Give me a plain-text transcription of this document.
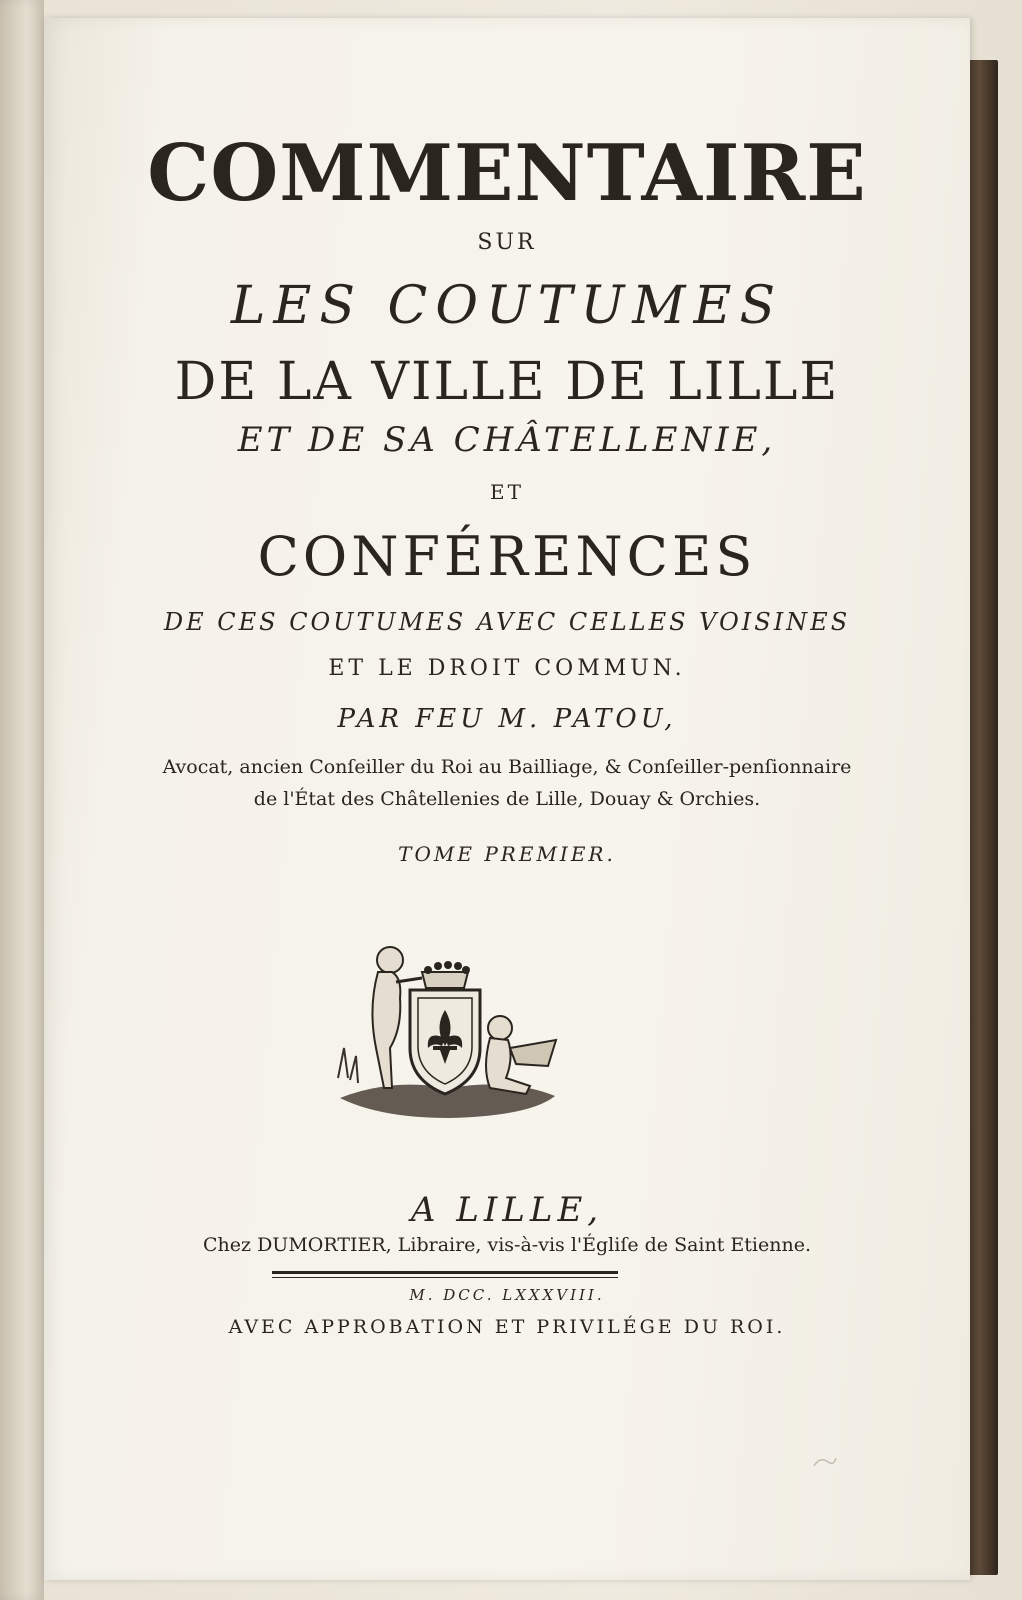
COMMENTAIRE
SUR
LES COUTUMES
DE LA VILLE DE LILLE
ET DE SA CHÂTELLENIE,
ET
CONFÉRENCES
DE CES COUTUMES AVEC CELLES VOISINES
ET LE DROIT COMMUN.
PAR FEU M. PATOU,
Avocat, ancien Conſeiller du Roi au Bailliage, & Conſeiller-penſionnaire
de l'État des Châtellenies de Lille, Douay & Orchies.
TOME PREMIER.
A LILLE,
Chez DUMORTIER, Libraire, vis-à-vis l'Égliſe de Saint Etienne.
M. DCC. LXXXVIII.
AVEC APPROBATION ET PRIVILÉGE DU ROI.
